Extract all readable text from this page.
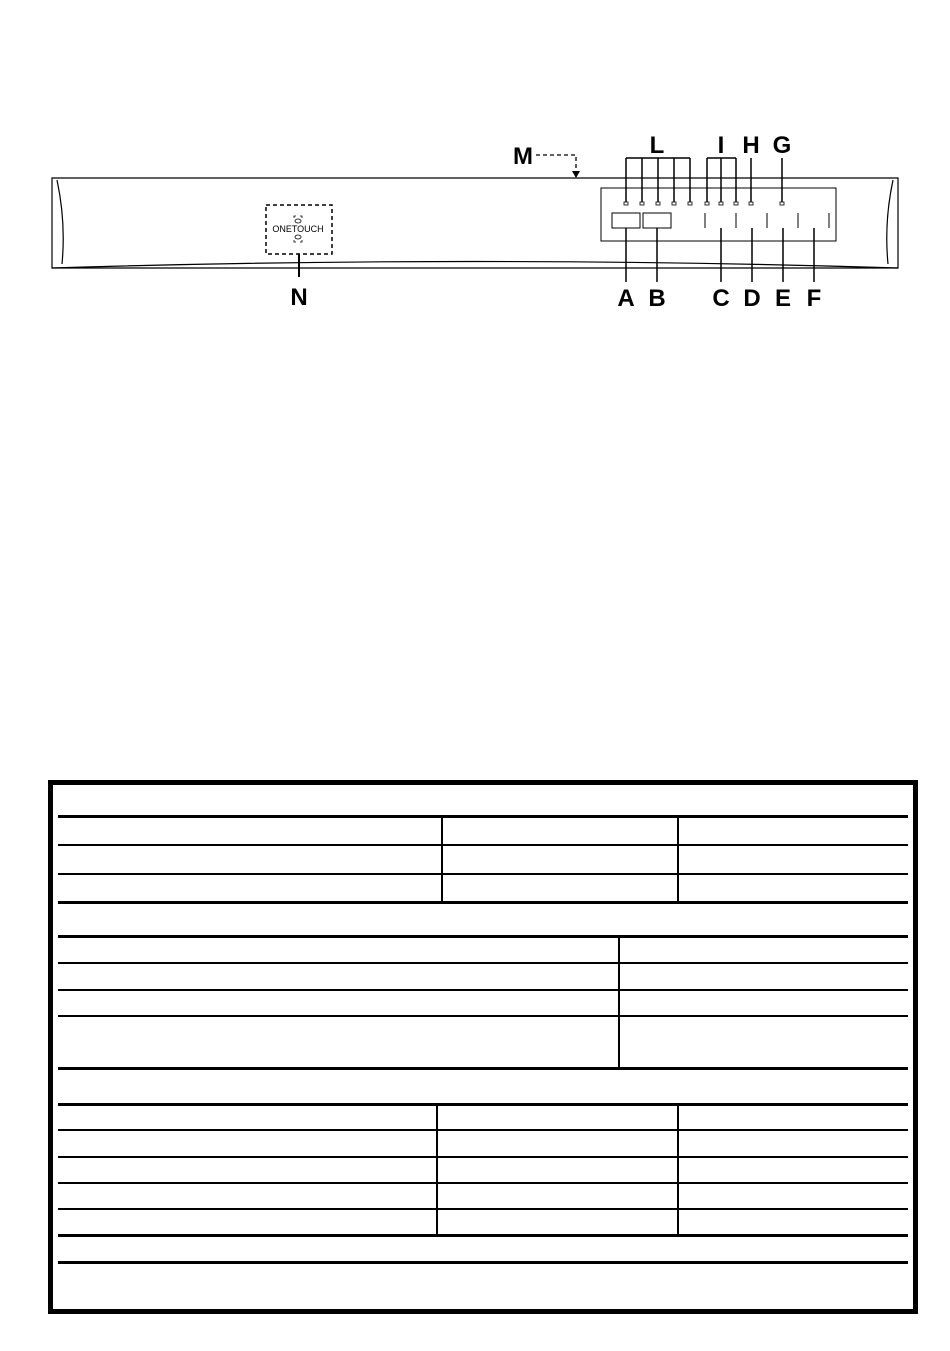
ONETOUCH
N
L I H G
M
A B C D E F
